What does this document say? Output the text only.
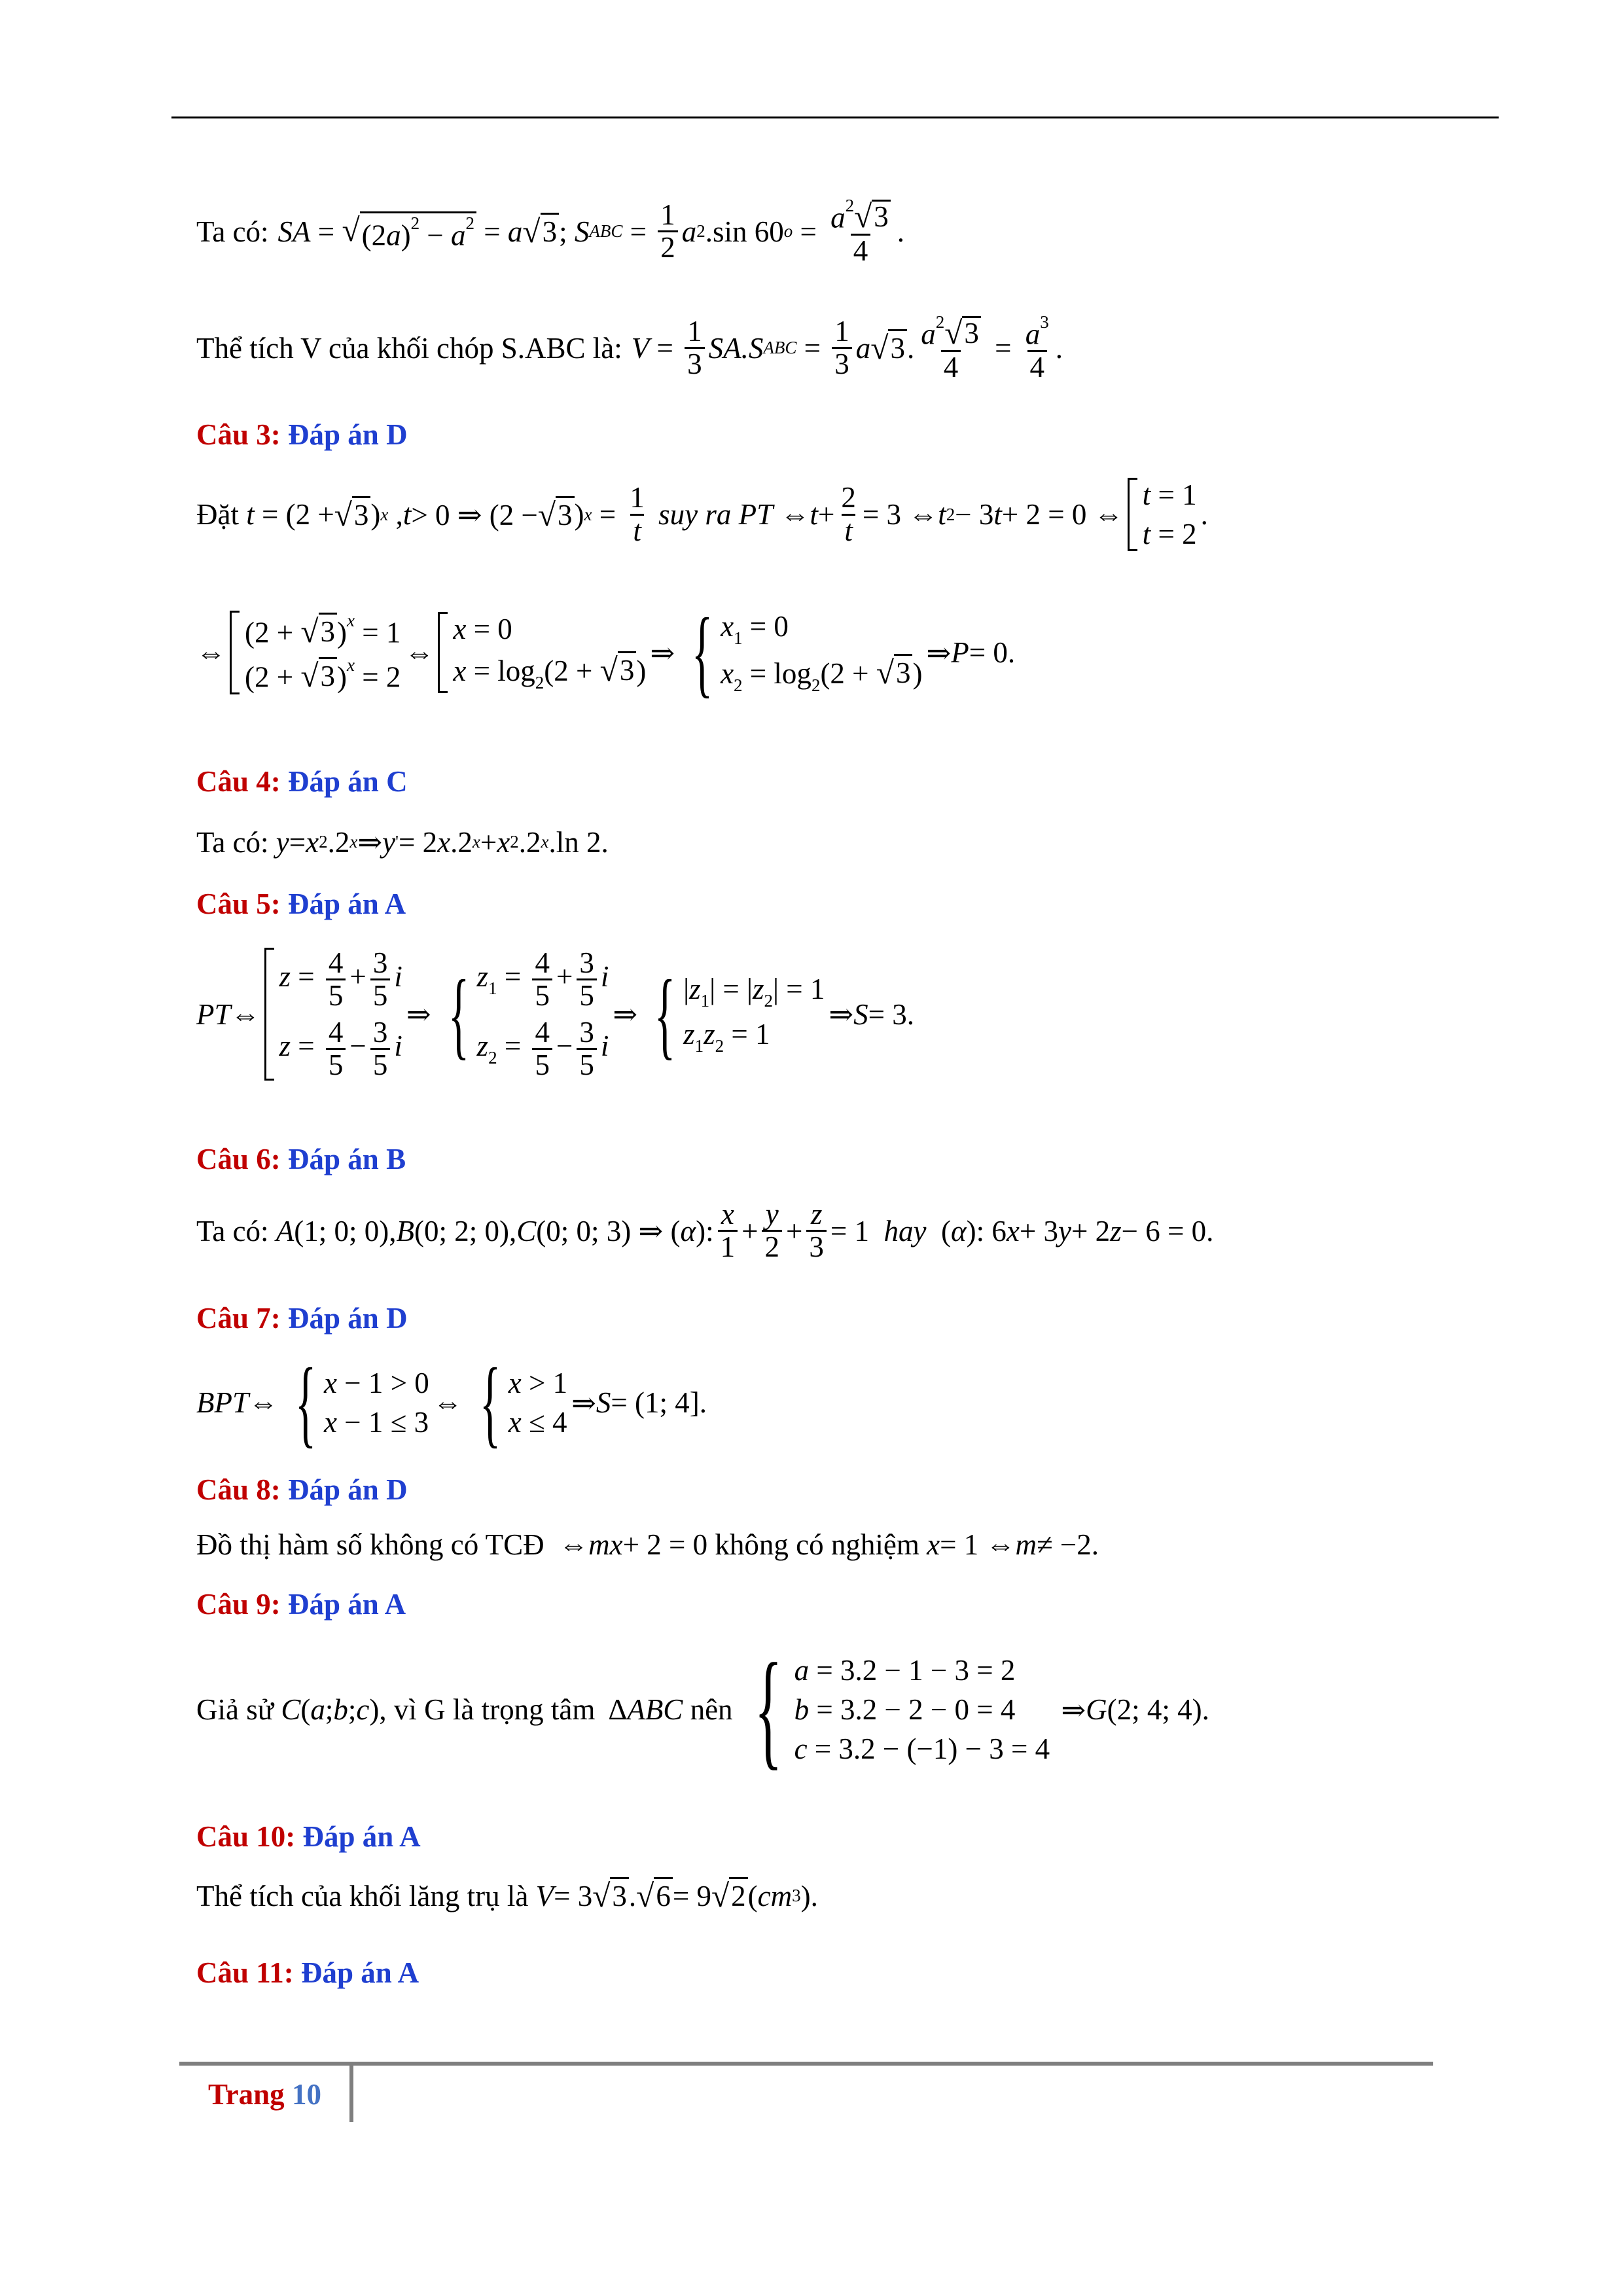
Ta có: SA = √ $(2a)^2 - a^2 = a$ √ 3 ; S ABC = $\frac{1}{2}$ a 2 .sin 60 $o = \frac{a^2 √ 3}{4}$ .
Thể tích V của khối chóp S.ABC là: $V = \frac{1}{3} SA.S$ ABC = $\frac{1}{3}$ a √ 3 . $\frac{a^2 √ 3}{4} = \frac{a^3}{4}$ .
Câu 3: Đáp án D
Đặt
t = (2 + √ 3 ) x , t > 0 ⇒ (2 − √ 3 ) $x = \frac{1}{t}$
suy ra PT ⇔ $t + \frac{2}{t} = 3$ ⇔ t 2 − 3 t + 2 = 0 ⇔
t = 1
t = 2
.
⇔
(2 + √ 3 )$^x$ = 1
(2 + √ 3 )$^x$ = 2
⇔
x = 0
$x = \log_2(2$ + √ 3 )
⇒ { $x_1 = 0$
$x_2 = \log_2(2$ + √ 3 )
⇒ P = 0.
Câu 4: Đáp án C
Ta có:
y = x 2 .2 x ⇒ y ' = 2 x .2 x + x 2 .2 x .ln 2.
Câu 5: Đáp án A
PT ⇔
$z = \frac{4}{5} + \frac{3}{5}$ i
$z = \frac{4}{5} - \frac{3}{5}$ i
⇒ { $z_1 = \frac{4}{5} + \frac{3}{5}$ i
$z_2 = \frac{4}{5} - \frac{3}{5}$ i
⇒ { $|z_1| = |z_2| = 1$
$z_1z_2 = 1$
⇒ S = 3.
Câu 6: Đáp án B
Ta có:
A (1; 0; 0), B (0; 2; 0), C (0; 0; 3) ⇒ ( α ): $\frac{x}{1} + \frac{y}{2} + \frac{z}{3} = 1$ hay ( α ): 6 x + 3 y + 2 z − 6 = 0.
Câu 7: Đáp án D
BPT ⇔ { x − 1 > 0
x − 1 ≤ 3
⇔ { x > 1
x ≤ 4
⇒ S = (1; 4].
Câu 8: Đáp án D
Đồ thị hàm số không có TCĐ ⇔ mx + 2 = 0 không có nghiệm
x = 1 ⇔ m ≠ −2.
Câu 9: Đáp án A
Giả sử
C ( a ; b ; c ) , vì G là trọng tâm Δ ABC
nên { a = 3.2 − 1 − 3 = 2
b = 3.2 − 2 − 0 = 4
c = 3.2 − (−1) − 3 = 4
⇒ G (2; 4; 4).
Câu 10: Đáp án A
Thể tích của khối lăng trụ là
V = 3 √ 3 . √ 6 = 9 √ 2 ( cm 3 ).
Câu 11: Đáp án A
Trang 10
